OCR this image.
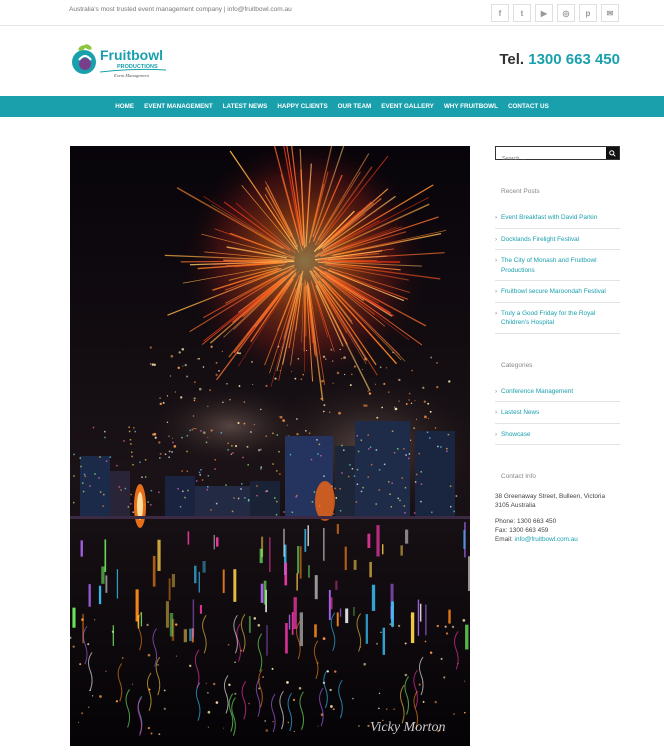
Australia's most trusted event management company | info@fruitbowl.com.au	f	t	▶	◎	p	✉
Fruitbowl
PRODUCTIONS
Event Management
Tel. 1300 663 450
HOME EVENT MANAGEMENT LATEST NEWS HAPPY CLIENTS OUR TEAM EVENT GALLERY WHY FRUITBOWL CONTACT US
Vicky Morton
Search ...
Recent Posts
› Event Breakfast with David Parkin
› Docklands Firelight Festival
› The City of Monash and Fruitbowl Productions
› Fruitbowl secure Maroondah Festival
› Truly a Good Friday for the Royal Children's Hospital
Categories
› Conference Management
› Lastest News
› Showcase
Contact Info

38 Greenaway Street, Bulleen, Victoria 3105 Australia

Phone: 1300 663 450
Fax: 1300 663 459
Email: info@fruitbowl.com.au
